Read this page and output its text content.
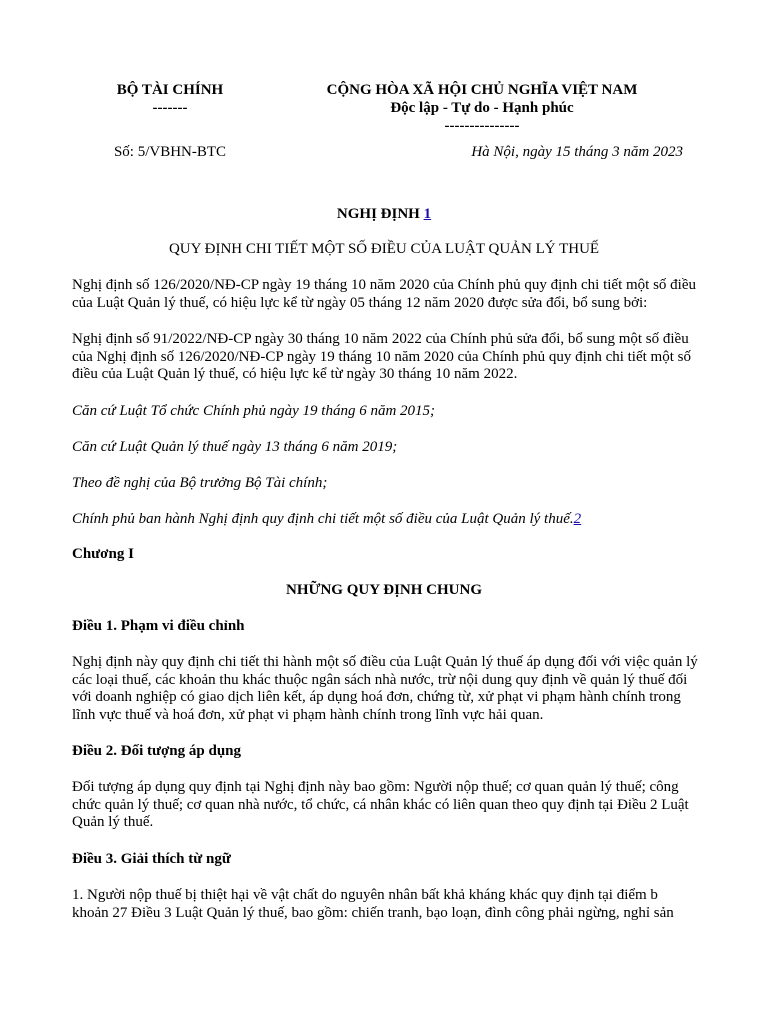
BỘ TÀI CHÍNH
-------
CỘNG HÒA XÃ HỘI CHỦ NGHĨA VIỆT NAM
Độc lập - Tự do - Hạnh phúc
---------------
Số: 5/VBHN-BTC	Hà Nội, ngày 15 tháng 3 năm 2023
NGHỊ ĐỊNH 1
QUY ĐỊNH CHI TIẾT MỘT SỐ ĐIỀU CỦA LUẬT QUẢN LÝ THUẾ
Nghị định số 126/2020/NĐ-CP ngày 19 tháng 10 năm 2020 của Chính phủ quy định chi tiết một số điều của Luật Quản lý thuế, có hiệu lực kể từ ngày 05 tháng 12 năm 2020 được sửa đổi, bổ sung bởi:
Nghị định số 91/2022/NĐ-CP ngày 30 tháng 10 năm 2022 của Chính phủ sửa đổi, bổ sung một số điều của Nghị định số 126/2020/NĐ-CP ngày 19 tháng 10 năm 2020 của Chính phủ quy định chi tiết một số điều của Luật Quản lý thuế, có hiệu lực kể từ ngày 30 tháng 10 năm 2022.
Căn cứ Luật Tổ chức Chính phủ ngày 19 tháng 6 năm 2015;
Căn cứ Luật Quản lý thuế ngày 13 tháng 6 năm 2019;
Theo đề nghị của Bộ trưởng Bộ Tài chính;
Chính phủ ban hành Nghị định quy định chi tiết một số điều của Luật Quản lý thuế.2
Chương I
NHỮNG QUY ĐỊNH CHUNG
Điều 1. Phạm vi điều chỉnh
Nghị định này quy định chi tiết thi hành một số điều của Luật Quản lý thuế áp dụng đối với việc quản lý các loại thuế, các khoản thu khác thuộc ngân sách nhà nước, trừ nội dung quy định về quản lý thuế đối với doanh nghiệp có giao dịch liên kết, áp dụng hoá đơn, chứng từ, xử phạt vi phạm hành chính trong lĩnh vực thuế và hoá đơn, xử phạt vi phạm hành chính trong lĩnh vực hải quan.
Điều 2. Đối tượng áp dụng
Đối tượng áp dụng quy định tại Nghị định này bao gồm: Người nộp thuế; cơ quan quản lý thuế; công chức quản lý thuế; cơ quan nhà nước, tổ chức, cá nhân khác có liên quan theo quy định tại Điều 2 Luật Quản lý thuế.
Điều 3. Giải thích từ ngữ
1. Người nộp thuế bị thiệt hại về vật chất do nguyên nhân bất khả kháng khác quy định tại điểm b khoản 27 Điều 3 Luật Quản lý thuế, bao gồm: chiến tranh, bạo loạn, đình công phải ngừng, nghỉ sản
